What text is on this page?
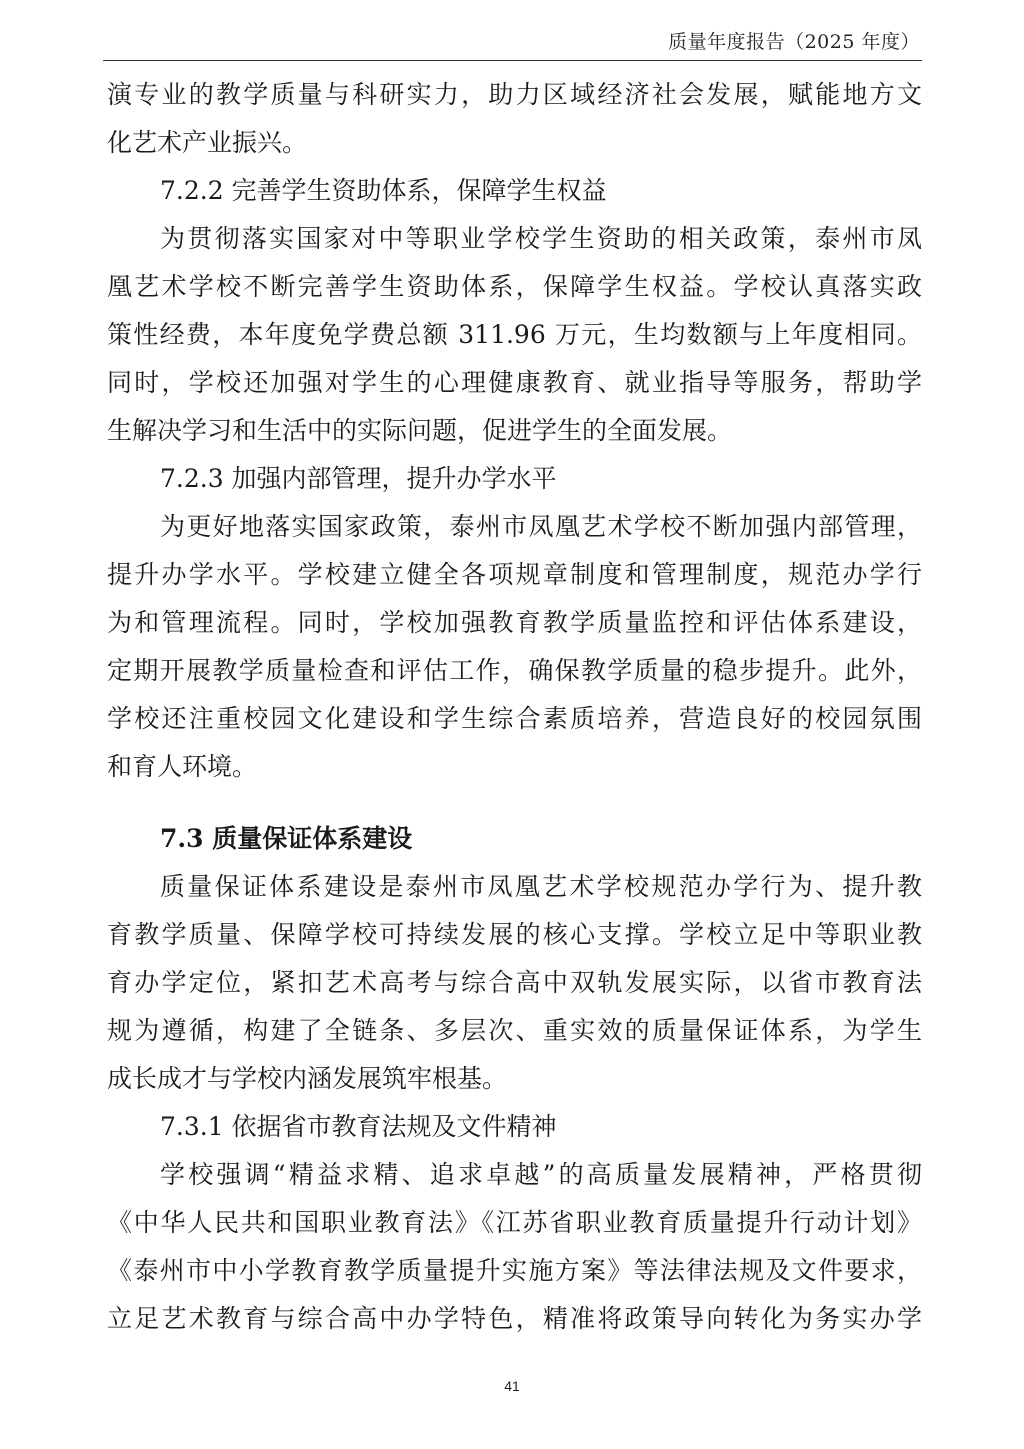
质量年度报告（2025 年度）
演专业的教学质量与科研实力，助力区域经济社会发展，赋能地方文
化艺术产业振兴。
7.2.2 完善学生资助体系，保障学生权益
为贯彻落实国家对中等职业学校学生资助的相关政策，泰州市凤
凰艺术学校不断完善学生资助体系，保障学生权益。学校认真落实政
策性经费，本年度免学费总额 311.96 万元，生均数额与上年度相同。
同时，学校还加强对学生的心理健康教育、就业指导等服务，帮助学
生解决学习和生活中的实际问题，促进学生的全面发展。
7.2.3 加强内部管理，提升办学水平
为更好地落实国家政策，泰州市凤凰艺术学校不断加强内部管理，
提升办学水平。学校建立健全各项规章制度和管理制度，规范办学行
为和管理流程。同时，学校加强教育教学质量监控和评估体系建设，
定期开展教学质量检查和评估工作，确保教学质量的稳步提升。此外，
学校还注重校园文化建设和学生综合素质培养，营造良好的校园氛围
和育人环境。
7.3 质量保证体系建设
质量保证体系建设是泰州市凤凰艺术学校规范办学行为、提升教
育教学质量、保障学校可持续发展的核心支撑。学校立足中等职业教
育办学定位，紧扣艺术高考与综合高中双轨发展实际，以省市教育法
规为遵循，构建了全链条、多层次、重实效的质量保证体系，为学生
成长成才与学校内涵发展筑牢根基。
7.3.1 依据省市教育法规及文件精神
学校强调“精益求精、追求卓越”的高质量发展精神，严格贯彻
《中华人民共和国职业教育法》《江苏省职业教育质量提升行动计划》
《泰州市中小学教育教学质量提升实施方案》等法律法规及文件要求，
立足艺术教育与综合高中办学特色，精准将政策导向转化为务实办学
41
